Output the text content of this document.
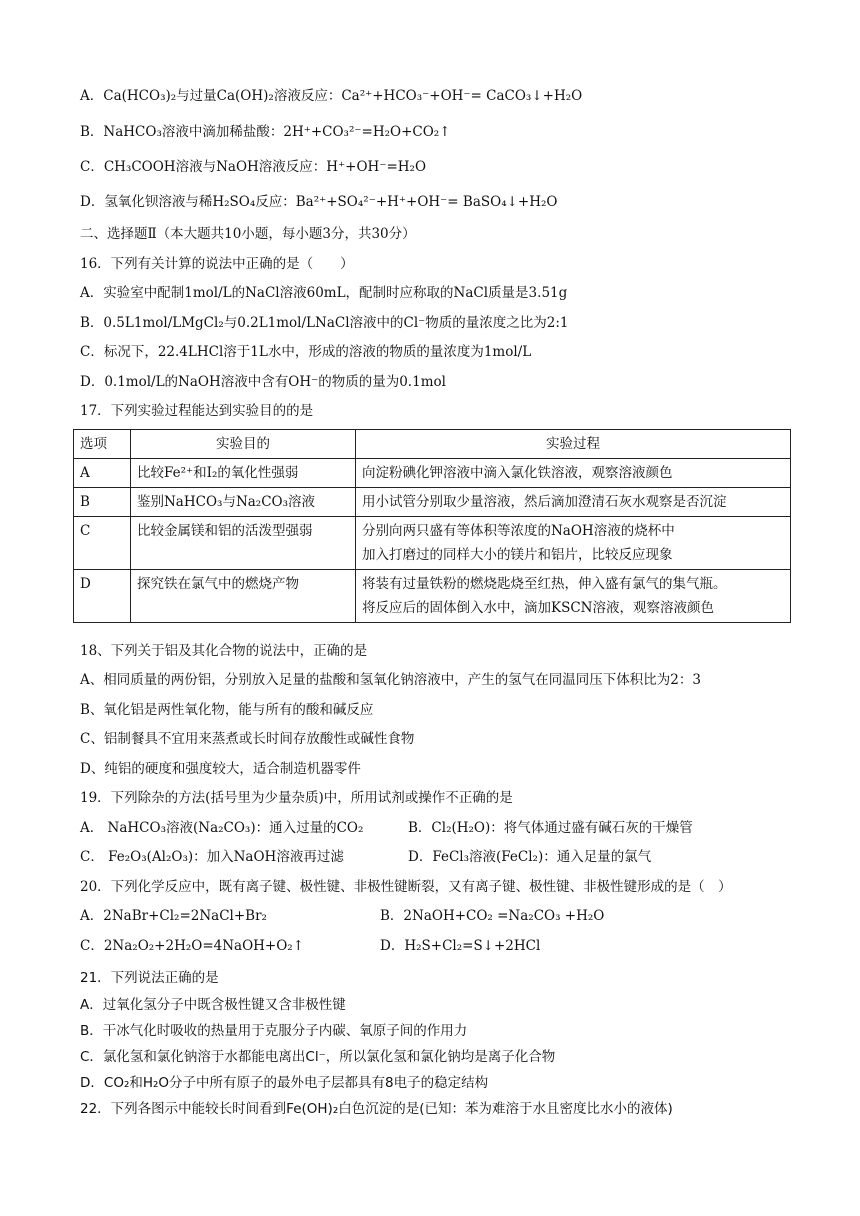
A．Ca(HCO₃)₂与过量Ca(OH)₂溶液反应：Ca²⁺+HCO₃⁻+OH⁻= CaCO₃↓+H₂O
B．NaHCO₃溶液中滴加稀盐酸：2H⁺+CO₃²⁻=H₂O+CO₂↑
C．CH₃COOH溶液与NaOH溶液反应：H⁺+OH⁻=H₂O
D．氢氧化钡溶液与稀H₂SO₄反应：Ba²⁺+SO₄²⁻+H⁺+OH⁻= BaSO₄↓+H₂O
二、选择题Ⅱ（本大题共10小题，每小题3分，共30分）
16．下列有关计算的说法中正确的是（　　）
A．实验室中配制1mol/L的NaCl溶液60mL，配制时应称取的NaCl质量是3.51g
B．0.5L1mol/LMgCl₂与0.2L1mol/LNaCl溶液中的Cl⁻物质的量浓度之比为2:1
C．标况下，22.4LHCl溶于1L水中，形成的溶液的物质的量浓度为1mol/L
D．0.1mol/L的NaOH溶液中含有OH⁻的物质的量为0.1mol
17．下列实验过程能达到实验目的的是
选项	实验目的	实验过程
A	比较Fe²⁺和I₂的氧化性强弱	向淀粉碘化钾溶液中滴入氯化铁溶液，观察溶液颜色

B	鉴别NaHCO₃与Na₂CO₃溶液	用小试管分别取少量溶液，然后滴加澄清石灰水观察是否沉淀

C	比较金属镁和铝的活泼型强弱	分别向两只盛有等体积等浓度的NaOH溶液的烧杯中
加入打磨过的同样大小的镁片和铝片，比较反应现象

D	探究铁在氯气中的燃烧产物	将装有过量铁粉的燃烧匙烧至红热，伸入盛有氯气的集气瓶。
将反应后的固体倒入水中，滴加KSCN溶液，观察溶液颜色
18、下列关于铝及其化合物的说法中，正确的是
A、相同质量的两份铝，分别放入足量的盐酸和氢氧化钠溶液中，产生的氢气在同温同压下体积比为2：3
B、氧化铝是两性氧化物，能与所有的酸和碱反应
C、铝制餐具不宜用来蒸煮或长时间存放酸性或碱性食物
D、纯铝的硬度和强度较大，适合制造机器零件
19．下列除杂的方法(括号里为少量杂质)中，所用试剂或操作不正确的是
A． NaHCO₃溶液(Na₂CO₃)：通入过量的CO₂	B．Cl₂(H₂O)：将气体通过盛有碱石灰的干燥管
C． Fe₂O₃(Al₂O₃)：加入NaOH溶液再过滤	D．FeCl₃溶液(FeCl₂)：通入足量的氯气
20．下列化学反应中，既有离子键、极性键、非极性键断裂，又有离子键、极性键、非极性键形成的是（　）
A．2NaBr+Cl₂=2NaCl+Br₂	B．2NaOH+CO₂ =Na₂CO₃ +H₂O
C．2Na₂O₂+2H₂O=4NaOH+O₂↑	D．H₂S+Cl₂=S↓+2HCl
21．下列说法正确的是
A．过氧化氢分子中既含极性键又含非极性键
B．干冰气化时吸收的热量用于克服分子内碳、氧原子间的作用力
C．氯化氢和氯化钠溶于水都能电离出Cl⁻，所以氯化氢和氯化钠均是离子化合物
D．CO₂和H₂O分子中所有原子的最外电子层都具有8电子的稳定结构
22．下列各图示中能较长时间看到Fe(OH)₂白色沉淀的是(已知：苯为难溶于水且密度比水小的液体)
